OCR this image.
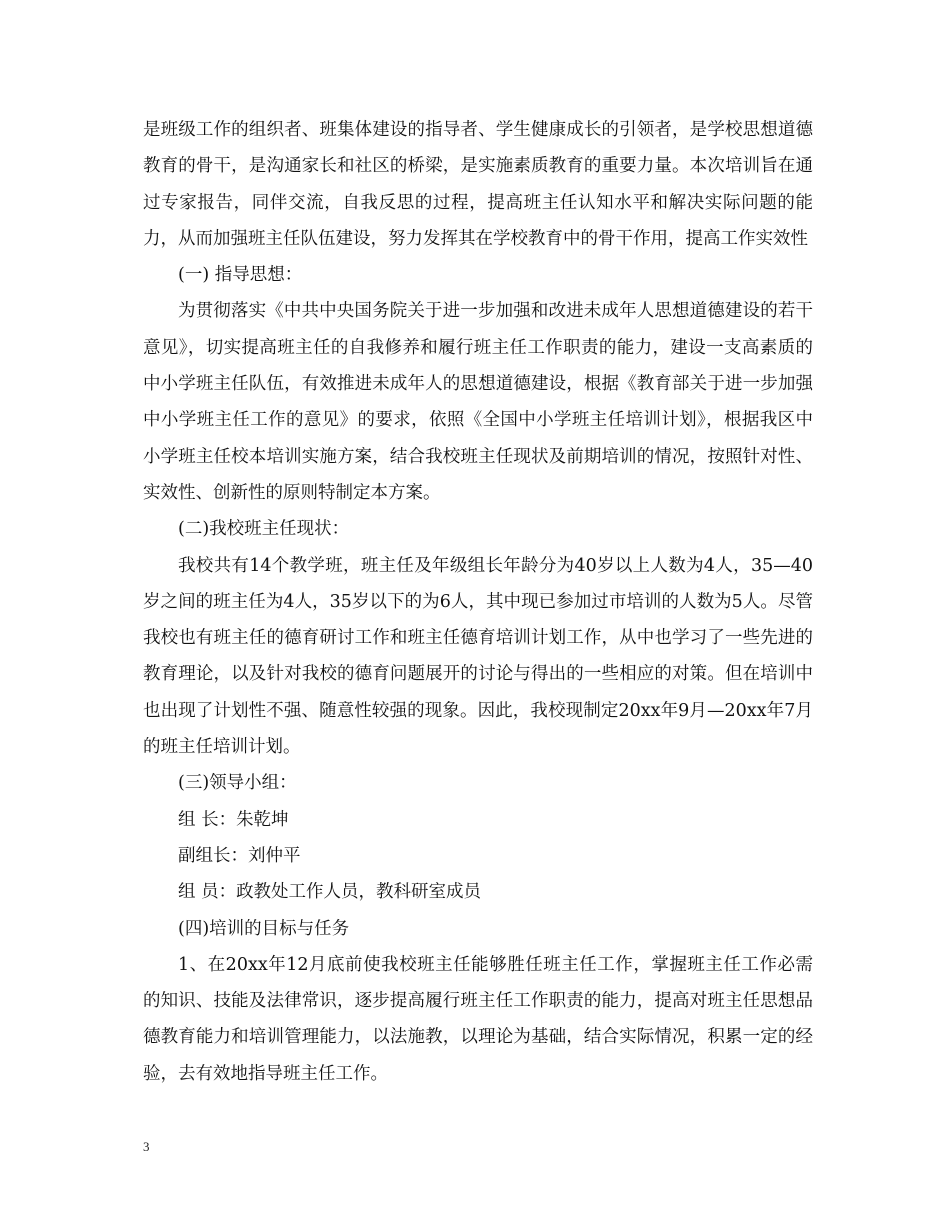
是班级工作的组织者、班集体建设的指导者、学生健康成长的引领者，是学校思想道德教育的骨干，是沟通家长和社区的桥梁，是实施素质教育的重要力量。本次培训旨在通过专家报告，同伴交流，自我反思的过程，提高班主任认知水平和解决实际问题的能力，从而加强班主任队伍建设，努力发挥其在学校教育中的骨干作用，提高工作实效性

(一) 指导思想：

为贯彻落实《中共中央国务院关于进一步加强和改进未成年人思想道德建设的若干意见》，切实提高班主任的自我修养和履行班主任工作职责的能力，建设一支高素质的中小学班主任队伍，有效推进未成年人的思想道德建设，根据《教育部关于进一步加强中小学班主任工作的意见》的要求，依照《全国中小学班主任培训计划》，根据我区中小学班主任校本培训实施方案，结合我校班主任现状及前期培训的情况，按照针对性、实效性、创新性的原则特制定本方案。

(二)我校班主任现状：

我校共有14个教学班，班主任及年级组长年龄分为40岁以上人数为4人，35—40岁之间的班主任为4人，35岁以下的为6人，其中现已参加过市培训的人数为5人。尽管我校也有班主任的德育研讨工作和班主任德育培训计划工作，从中也学习了一些先进的教育理论，以及针对我校的德育问题展开的讨论与得出的一些相应的对策。但在培训中也出现了计划性不强、随意性较强的现象。因此，我校现制定20xx年9月—20xx年7月的班主任培训计划。

(三)领导小组：

组 长：朱乾坤

副组长：刘仲平

组 员：政教处工作人员，教科研室成员

(四)培训的目标与任务

1、在20xx年12月底前使我校班主任能够胜任班主任工作，掌握班主任工作必需的知识、技能及法律常识，逐步提高履行班主任工作职责的能力，提高对班主任思想品德教育能力和培训管理能力，以法施教，以理论为基础，结合实际情况，积累一定的经验，去有效地指导班主任工作。

3
